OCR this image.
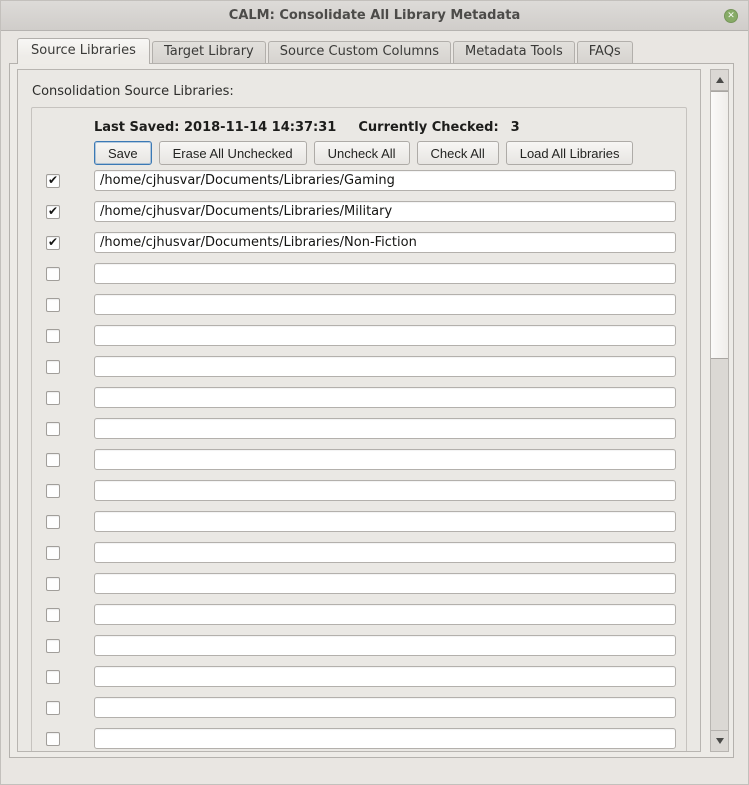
CALM: Consolidate All Library Metadata	✕
Source Libraries	Target Library	Source Custom Columns	Metadata Tools	FAQs
Consolidation Source Libraries:
Last Saved:
2018-11-14 14:37:31 Currently Checked: 3
Save	Erase All Unchecked	Uncheck All	Check All	Load All Libraries
✔
/home/cjhusvar/Documents/Libraries/Gaming
✔
/home/cjhusvar/Documents/Libraries/Military
✔
/home/cjhusvar/Documents/Libraries/Non-Fiction
